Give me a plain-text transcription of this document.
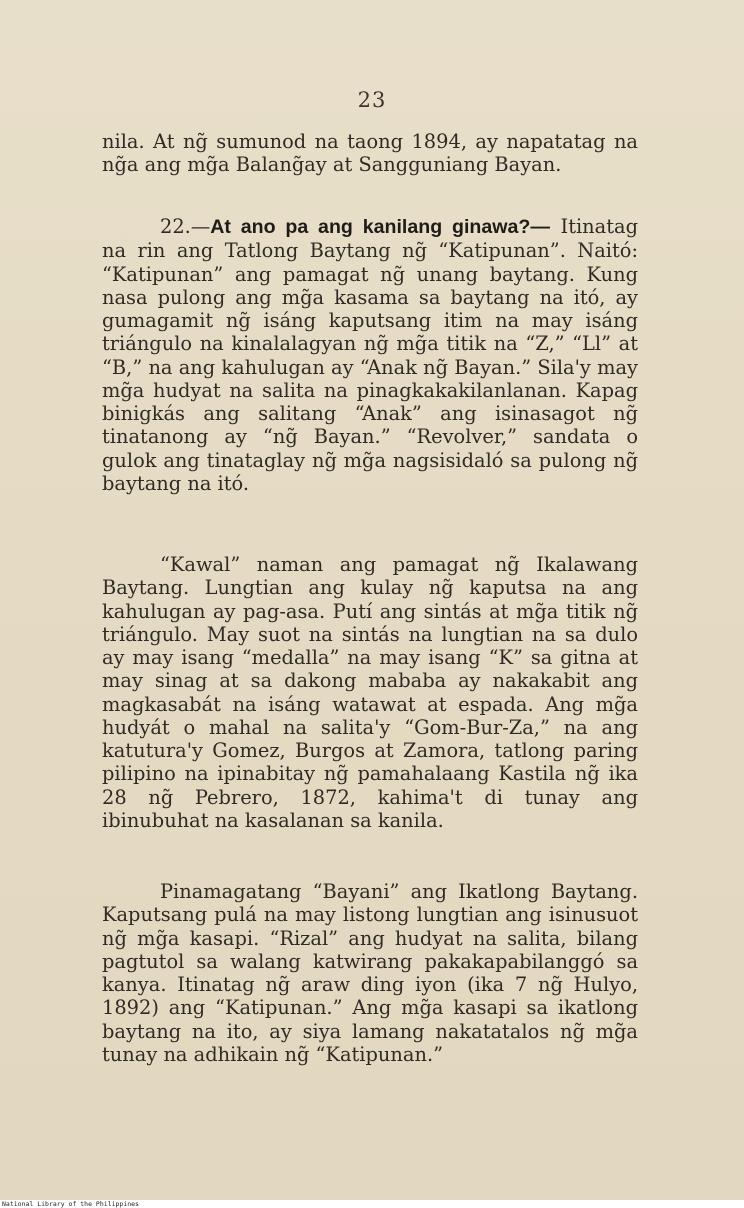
23
nila. At ng̃ sumunod na taong 1894, ay napatatag na ng̃a ang mg̃a Balang̃ay at Sangguniang Bayan.
22.—At ano pa ang kanilang ginawa?— Itinatag na rin ang Tatlong Baytang ng̃ “Katipunan”. Naitó: “Katipunan” ang pamagat ng̃ unang baytang. Kung nasa pulong ang mg̃a kasama sa baytang na itó, ay gumagamit ng̃ isáng kaputsang itim na may isáng triángulo na kinalalagyan ng̃ mg̃a titik na “Z,” “Ll” at “B,” na ang kahulugan ay “Anak ng̃ Bayan.” Sila'y may mg̃a hudyat na salita na pinagkakakilanlanan. Kapag binigkás ang salitang “Anak” ang isinasagot ng̃ tinatanong ay “ng̃ Bayan.” “Revolver,” sandata o gulok ang tinataglay ng̃ mg̃a nagsisidaló sa pulong ng̃ baytang na itó.
“Kawal” naman ang pamagat ng̃ Ikalawang Baytang. Lungtian ang kulay ng̃ kaputsa na ang kahulugan ay pag-asa. Putí ang sintás at mg̃a titik ng̃ triángulo. May suot na sintás na lungtian na sa dulo ay may isang “medalla” na may isang “K” sa gitna at may sinag at sa dakong mababa ay nakakabit ang magkasabát na isáng watawat at espada. Ang mg̃a hudyát o mahal na salita'y “Gom-Bur-Za,” na ang katutura'y Gomez, Burgos at Zamora, tatlong paring pilipino na ipinabitay ng̃ pamahalaang Kastila ng̃ ika 28 ng̃ Pebrero, 1872, kahima't di tunay ang ibinubuhat na kasalanan sa kanila.
Pinamagatang “Bayani” ang Ikatlong Baytang. Kaputsang pulá na may listong lungtian ang isinusuot ng̃ mg̃a kasapi. “Rizal” ang hudyat na salita, bilang pagtutol sa walang katwirang pakakapabilanggó sa kanya. Itinatag ng̃ araw ding iyon (ika 7 ng̃ Hulyo, 1892) ang “Katipunan.” Ang mg̃a kasapi sa ikatlong baytang na ito, ay siya lamang nakatatalos ng̃ mg̃a tunay na adhikain ng̃ “Katipunan.”
National Library of the Philippines
